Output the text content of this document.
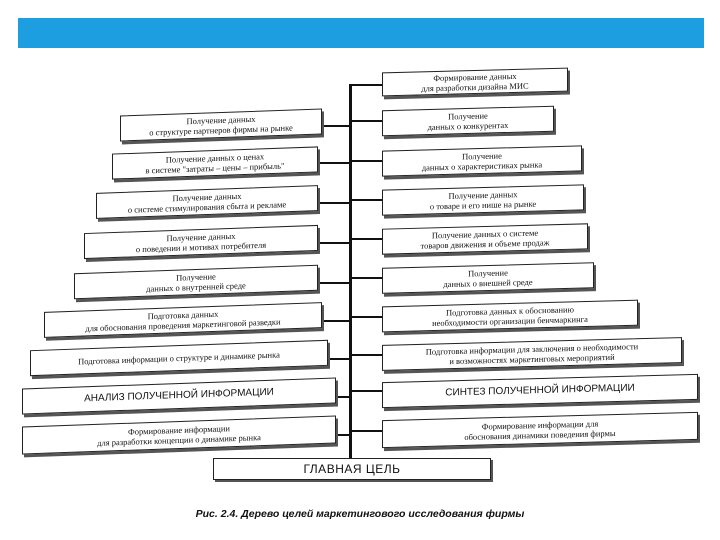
Формирование данных
для разработки дизайна МИС
Получение
данных о конкурентах
Получение
данных о характеристиках рынка
Получение данных
о товаре и его нише на рынке
Получение данных о системе
товаров движения и объеме продаж
Получение
данных о внешней среде
Подготовка данных к обоснованию
необходимости организации бенчмаркинга
Подготовка информации для заключения о необходимости
и возможностях маркетинговых мероприятий
СИНТЕЗ ПОЛУЧЕННОЙ ИНФОРМАЦИИ
Формирование информации для
обоснования динамики поведения фирмы
Получение данных
о структуре партнеров фирмы на рынке
Получение данных о ценах
в системе "затраты – цены – прибыль"
Получение данных
о системе стимулирования сбыта и рекламе
Получение данных
о поведении и мотивах потребителя
Получение
данных о внутренней среде
Подготовка данных
для обоснования проведения маркетинговой разведки
Подготовка информации о структуре и динамике рынка
АНАЛИЗ ПОЛУЧЕННОЙ ИНФОРМАЦИИ
Формирование информации
для разработки концепции о динамике рынка
ГЛАВНАЯ ЦЕЛЬ
Рис. 2.4. Дерево целей маркетингового исследования фирмы
